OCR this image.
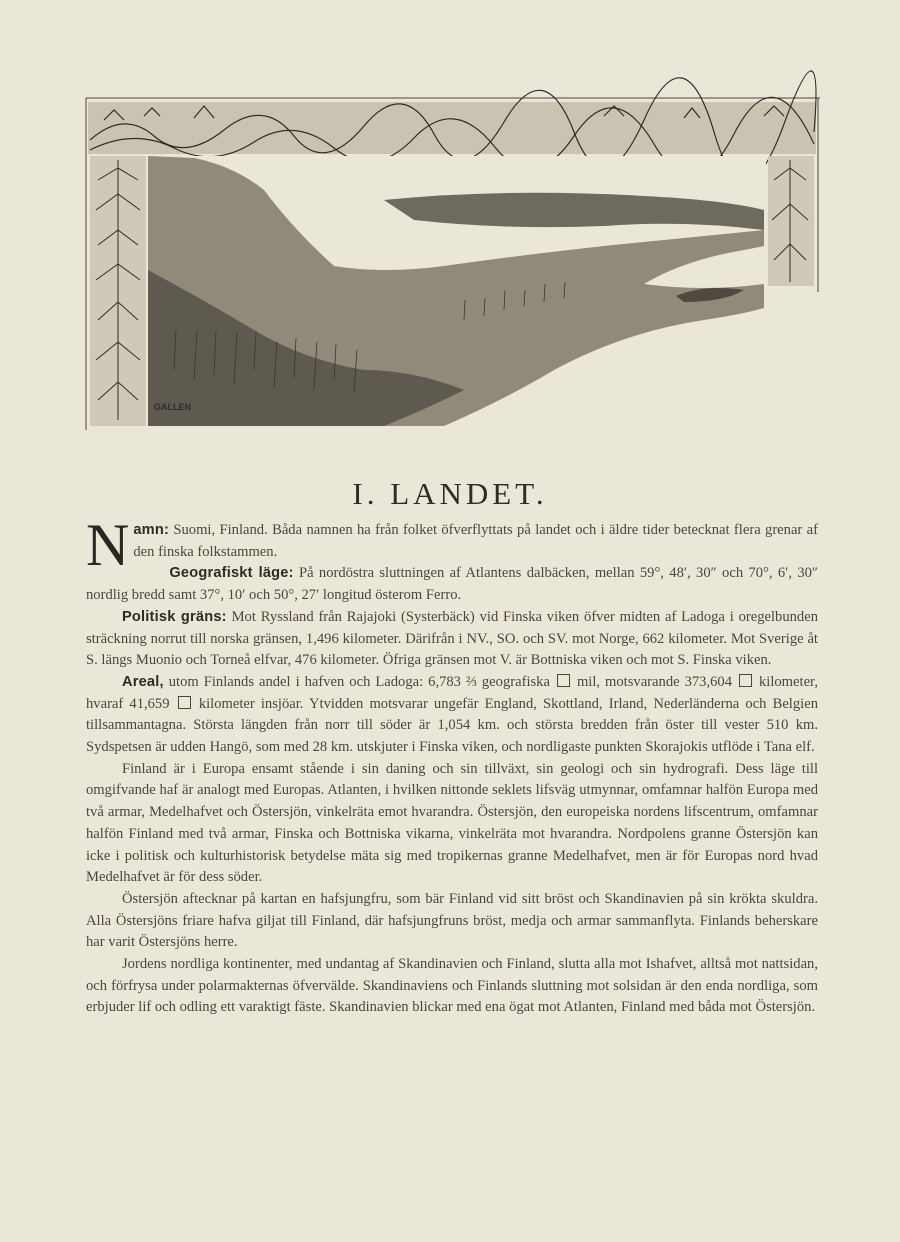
GALLEN
I. LANDET.

Namn: Suomi, Finland. Båda namnen ha från folket öfverflyttats på landet och i äldre tider betecknat flera grenar af den finska folkstammen.

Geografiskt läge: På nordöstra sluttningen af Atlantens dalbäcken, mellan 59°, 48′, 30″ och 70°, 6′, 30″ nordlig bredd samt 37°, 10′ och 50°, 27′ longitud österom Ferro.

Politisk gräns: Mot Ryssland från Rajajoki (Systerbäck) vid Finska viken öfver midten af Ladoga i oregelbunden sträckning norrut till norska gränsen, 1,496 kilometer. Därifrån i NV., SO. och SV. mot Norge, 662 kilometer. Mot Sverige åt S. längs Muonio och Torneå elfvar, 476 kilometer. Öfriga gränsen mot V. är Bottniska viken och mot S. Finska viken.

Areal, utom Finlands andel i hafven och Ladoga: 6,783 ⅔ geografiska mil, motsvarande 373,604 kilometer, hvaraf 41,659 kilometer insjöar. Ytvidden motsvarar ungefär England, Skottland, Irland, Nederländerna och Belgien tillsammantagna. Största längden från norr till söder är 1,054 km. och största bredden från öster till vester 510 km. Sydspetsen är udden Hangö, som med 28 km. utskjuter i Finska viken, och nordligaste punkten Skorajokis utflöde i Tana elf.

Finland är i Europa ensamt stående i sin daning och sin tillväxt, sin geologi och sin hydrografi. Dess läge till omgifvande haf är analogt med Europas. Atlanten, i hvilken nittonde seklets lifsväg utmynnar, omfamnar halfön Europa med två armar, Medelhafvet och Östersjön, vinkelräta emot hvarandra. Östersjön, den europeiska nordens lifscentrum, omfamnar halfön Finland med två armar, Finska och Bottniska vikarna, vinkelräta mot hvarandra. Nordpolens granne Östersjön kan icke i politisk och kulturhistorisk betydelse mäta sig med tropikernas granne Medelhafvet, men är för Europas nord hvad Medelhafvet är för dess söder.

Östersjön aftecknar på kartan en hafsjungfru, som bär Finland vid sitt bröst och Skandinavien på sin krökta skuldra. Alla Östersjöns friare hafva giljat till Finland, där hafsjungfruns bröst, medja och armar sammanflyta. Finlands beherskare har varit Östersjöns herre.

Jordens nordliga kontinenter, med undantag af Skandinavien och Finland, slutta alla mot Ishafvet, alltså mot nattsidan, och förfrysa under polarmakternas öfvervälde. Skandinaviens och Finlands sluttning mot solsidan är den enda nordliga, som erbjuder lif och odling ett varaktigt fäste. Skandinavien blickar med ena ögat mot Atlanten, Finland med båda mot Östersjön.
